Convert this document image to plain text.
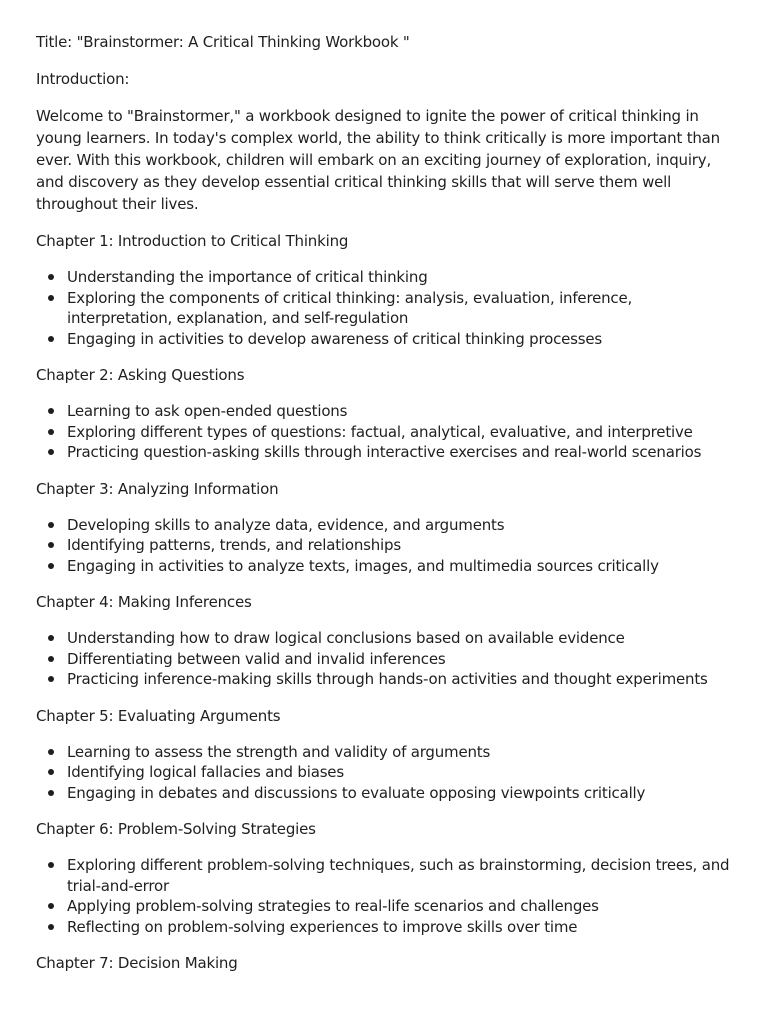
Title: "Brainstormer: A Critical Thinking Workbook "

Introduction:

Welcome to "Brainstormer," a workbook designed to ignite the power of critical thinking in young learners. In today's complex world, the ability to think critically is more important than ever. With this workbook, children will embark on an exciting journey of exploration, inquiry, and discovery as they develop essential critical thinking skills that will serve them well throughout their lives.

Chapter 1: Introduction to Critical Thinking

Understanding the importance of critical thinking
Exploring the components of critical thinking: analysis, evaluation, inference, interpretation, explanation, and self-regulation
Engaging in activities to develop awareness of critical thinking processes

Chapter 2: Asking Questions

Learning to ask open-ended questions
Exploring different types of questions: factual, analytical, evaluative, and interpretive
Practicing question-asking skills through interactive exercises and real-world scenarios

Chapter 3: Analyzing Information

Developing skills to analyze data, evidence, and arguments
Identifying patterns, trends, and relationships
Engaging in activities to analyze texts, images, and multimedia sources critically

Chapter 4: Making Inferences

Understanding how to draw logical conclusions based on available evidence
Differentiating between valid and invalid inferences
Practicing inference-making skills through hands-on activities and thought experiments

Chapter 5: Evaluating Arguments

Learning to assess the strength and validity of arguments
Identifying logical fallacies and biases
Engaging in debates and discussions to evaluate opposing viewpoints critically

Chapter 6: Problem-Solving Strategies

Exploring different problem-solving techniques, such as brainstorming, decision trees, and trial-and-error
Applying problem-solving strategies to real-life scenarios and challenges
Reflecting on problem-solving experiences to improve skills over time

Chapter 7: Decision Making
